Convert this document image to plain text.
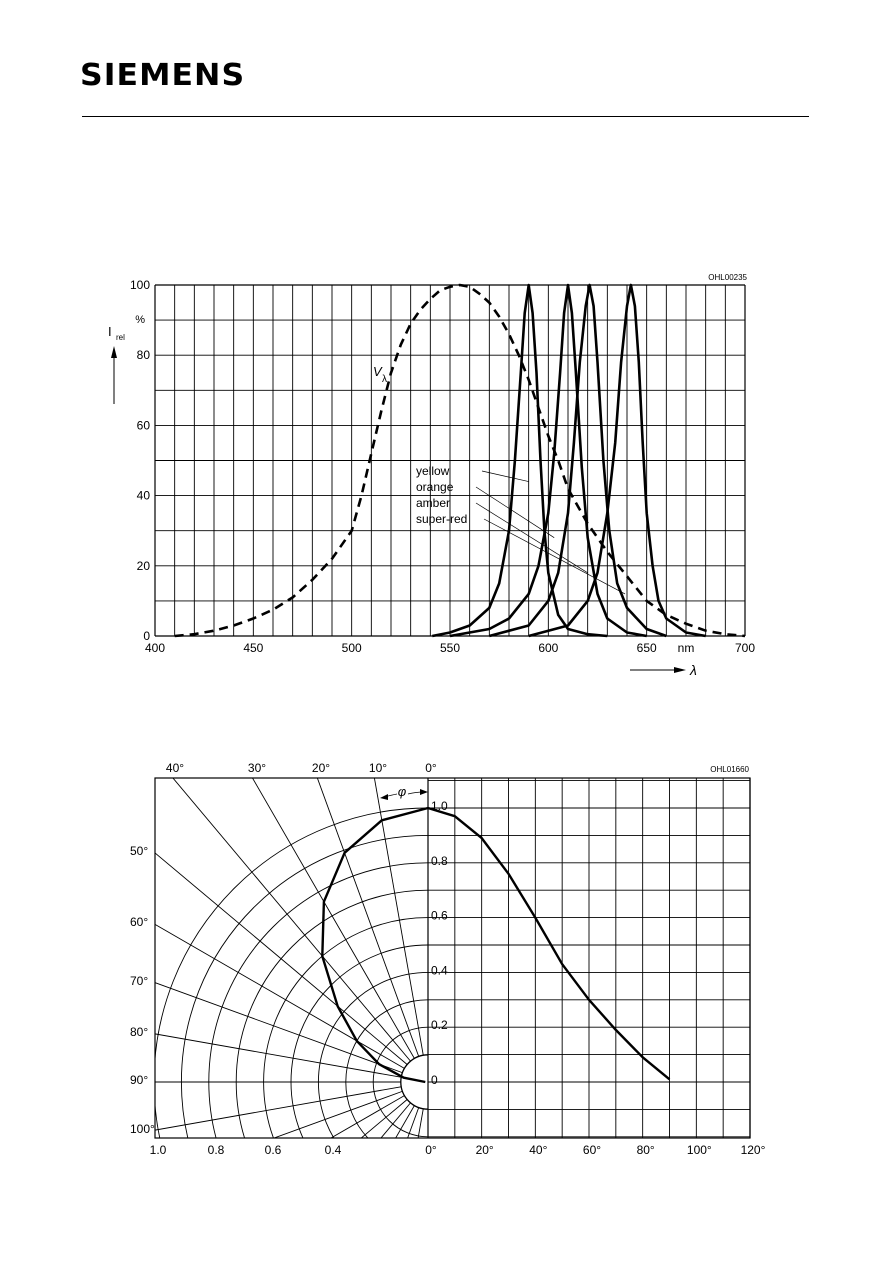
SIEMENS
400	450	500	550	600	650	700
0
20
40
60
80
100
%
nm
OHL00235
I rel
λ
V
λ
yellow
orange
amber
super-red
OHL01660
40°	30°	20°	10°	0°
50°
60°
70°
80°
90°
100°
1.0	0.8	0.6	0.4	0°	20°	40°	60°	80°	100° 120°
0
0.2
0.4
0.6
0.8
1.0
φ
